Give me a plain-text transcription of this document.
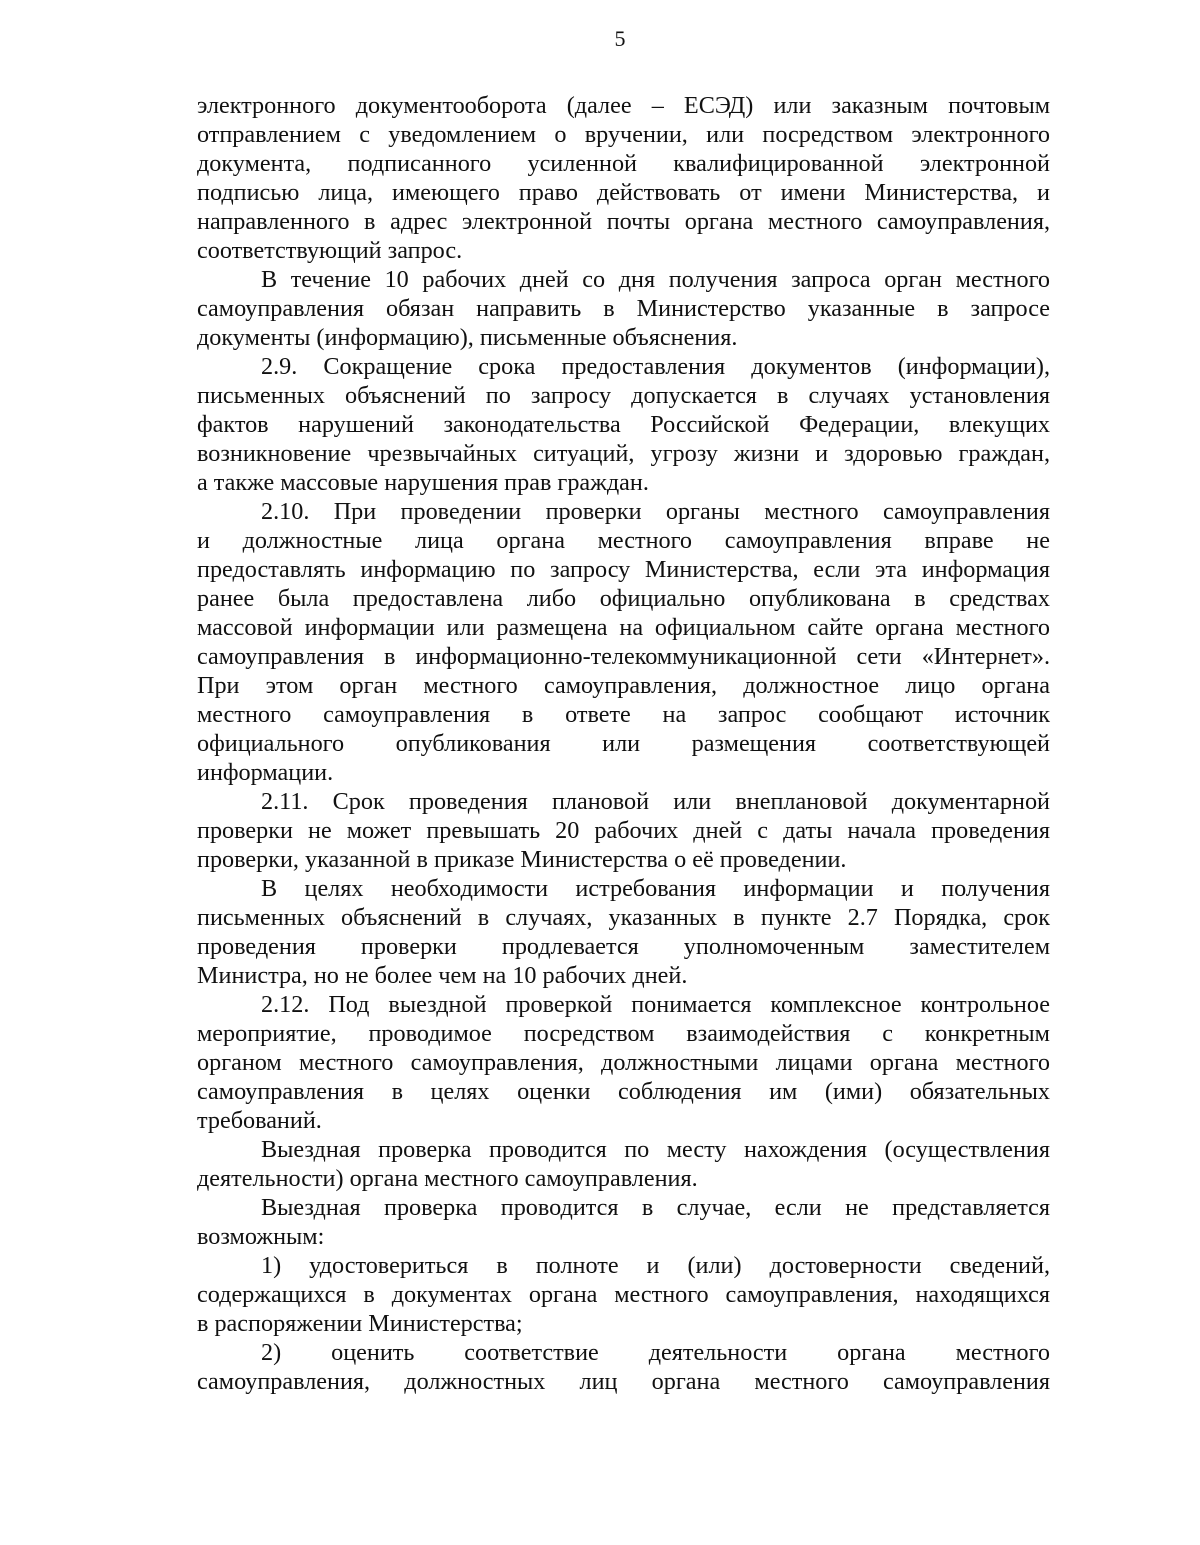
5
электронного документооборота (далее – ЕСЭД) или заказным почтовым
отправлением с уведомлением о вручении, или посредством электронного
документа, подписанного усиленной квалифицированной электронной
подписью лица, имеющего право действовать от имени Министерства, и
направленного в адрес электронной почты органа местного самоуправления,
соответствующий запрос.
В течение 10 рабочих дней со дня получения запроса орган местного
самоуправления обязан направить в Министерство указанные в запросе
документы (информацию), письменные объяснения.
2.9. Сокращение срока предоставления документов (информации),
письменных объяснений по запросу допускается в случаях установления
фактов нарушений законодательства Российской Федерации, влекущих
возникновение чрезвычайных ситуаций, угрозу жизни и здоровью граждан,
а также массовые нарушения прав граждан.
2.10. При проведении проверки органы местного самоуправления
и должностные лица органа местного самоуправления вправе не
предоставлять информацию по запросу Министерства, если эта информация
ранее была предоставлена либо официально опубликована в средствах
массовой информации или размещена на официальном сайте органа местного
самоуправления в информационно-телекоммуникационной сети «Интернет».
При этом орган местного самоуправления, должностное лицо органа
местного самоуправления в ответе на запрос сообщают источник
официального опубликования или размещения соответствующей
информации.
2.11. Срок проведения плановой или внеплановой документарной
проверки не может превышать 20 рабочих дней с даты начала проведения
проверки, указанной в приказе Министерства о её проведении.
В целях необходимости истребования информации и получения
письменных объяснений в случаях, указанных в пункте 2.7 Порядка, срок
проведения проверки продлевается уполномоченным заместителем
Министра, но не более чем на 10 рабочих дней.
2.12. Под выездной проверкой понимается комплексное контрольное
мероприятие, проводимое посредством взаимодействия с конкретным
органом местного самоуправления, должностными лицами органа местного
самоуправления в целях оценки соблюдения им (ими) обязательных
требований.
Выездная проверка проводится по месту нахождения (осуществления
деятельности) органа местного самоуправления.
Выездная проверка проводится в случае, если не представляется
возможным:
1) удостовериться в полноте и (или) достоверности сведений,
содержащихся в документах органа местного самоуправления, находящихся
в распоряжении Министерства;
2) оценить соответствие деятельности органа местного
самоуправления, должностных лиц органа местного самоуправления
